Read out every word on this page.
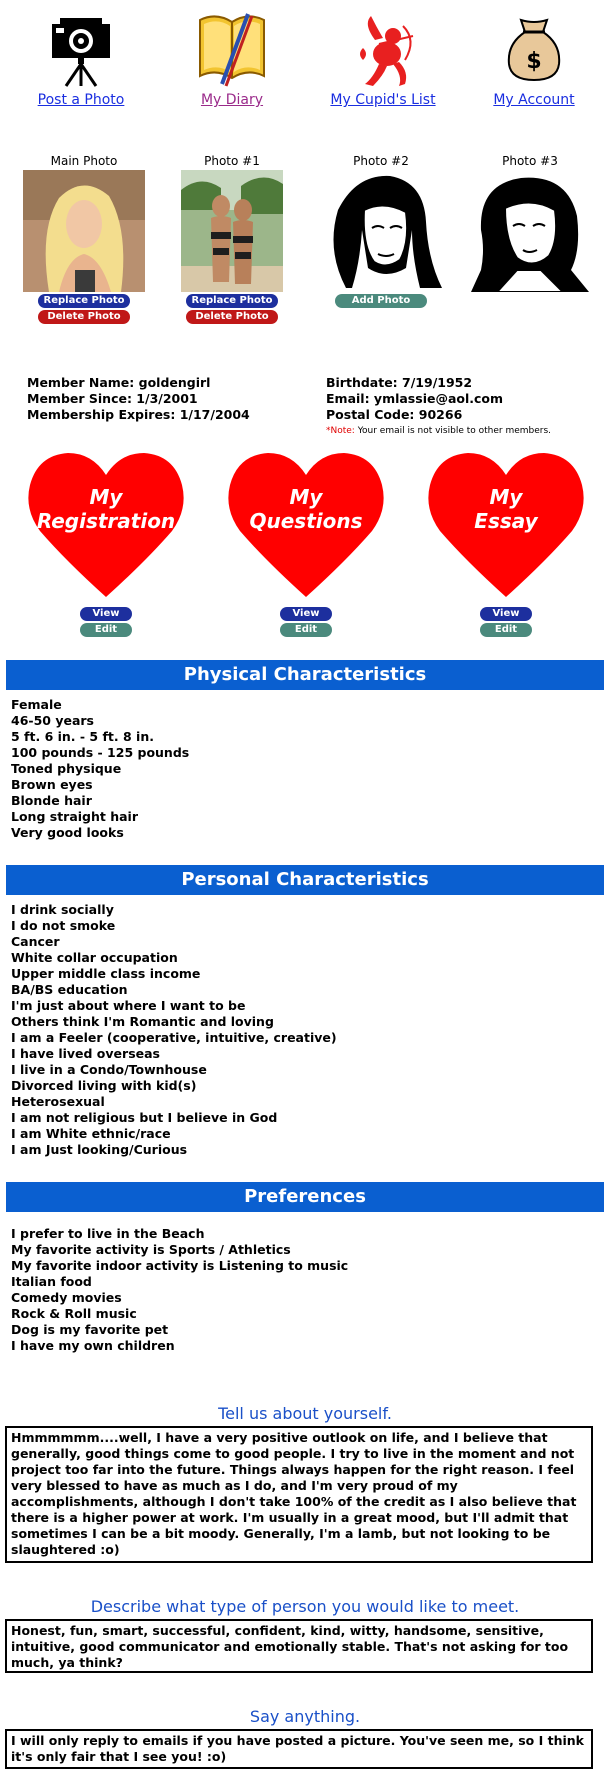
Post a Photo	My Diary	My Cupid's List
$
My Account
Main Photo
Replace Photo
Delete Photo
Photo #1
Replace Photo
Delete Photo
Photo #2
Add Photo
Photo #3
Member Name: goldengirl
Member Since: 1/3/2001
Membership Expires: 1/17/2004
Birthdate: 7/19/1952
Email: ymlassie@aol.com
Postal Code: 90266
*Note: Your email is not visible to other members.
My
Registration
View
Edit
My
Questions
View
Edit
My
Essay
View
Edit
Physical Characteristics
Female
46-50 years
5 ft. 6 in. - 5 ft. 8 in.
100 pounds - 125 pounds
Toned physique
Brown eyes
Blonde hair
Long straight hair
Very good looks
Personal Characteristics
I drink socially
I do not smoke
Cancer
White collar occupation
Upper middle class income
BA/BS education
I'm just about where I want to be
Others think I'm Romantic and loving
I am a Feeler (cooperative, intuitive, creative)
I have lived overseas
I live in a Condo/Townhouse
Divorced living with kid(s)
Heterosexual
I am not religious but I believe in God
I am White ethnic/race
I am Just looking/Curious
Preferences
I prefer to live in the Beach
My favorite activity is Sports / Athletics
My favorite indoor activity is Listening to music
Italian food
Comedy movies
Rock & Roll music
Dog is my favorite pet
I have my own children
Tell us about yourself.
Hmmmmmm....well, I have a very positive outlook on life, and I believe that generally, good things come to good people. I try to live in the moment and not project too far into the future. Things always happen for the right reason. I feel very blessed to have as much as I do, and I'm very proud of my accomplishments, although I don't take 100% of the credit as I also believe that there is a higher power at work. I'm usually in a great mood, but I'll admit that sometimes I can be a bit moody. Generally, I'm a lamb, but not looking to be slaughtered :o)
Describe what type of person you would like to meet.
Honest, fun, smart, successful, confident, kind, witty, handsome, sensitive, intuitive, good communicator and emotionally stable. That's not asking for too much, ya think?
Say anything.
I will only reply to emails if you have posted a picture. You've seen me, so I think it's only fair that I see you! :o)
